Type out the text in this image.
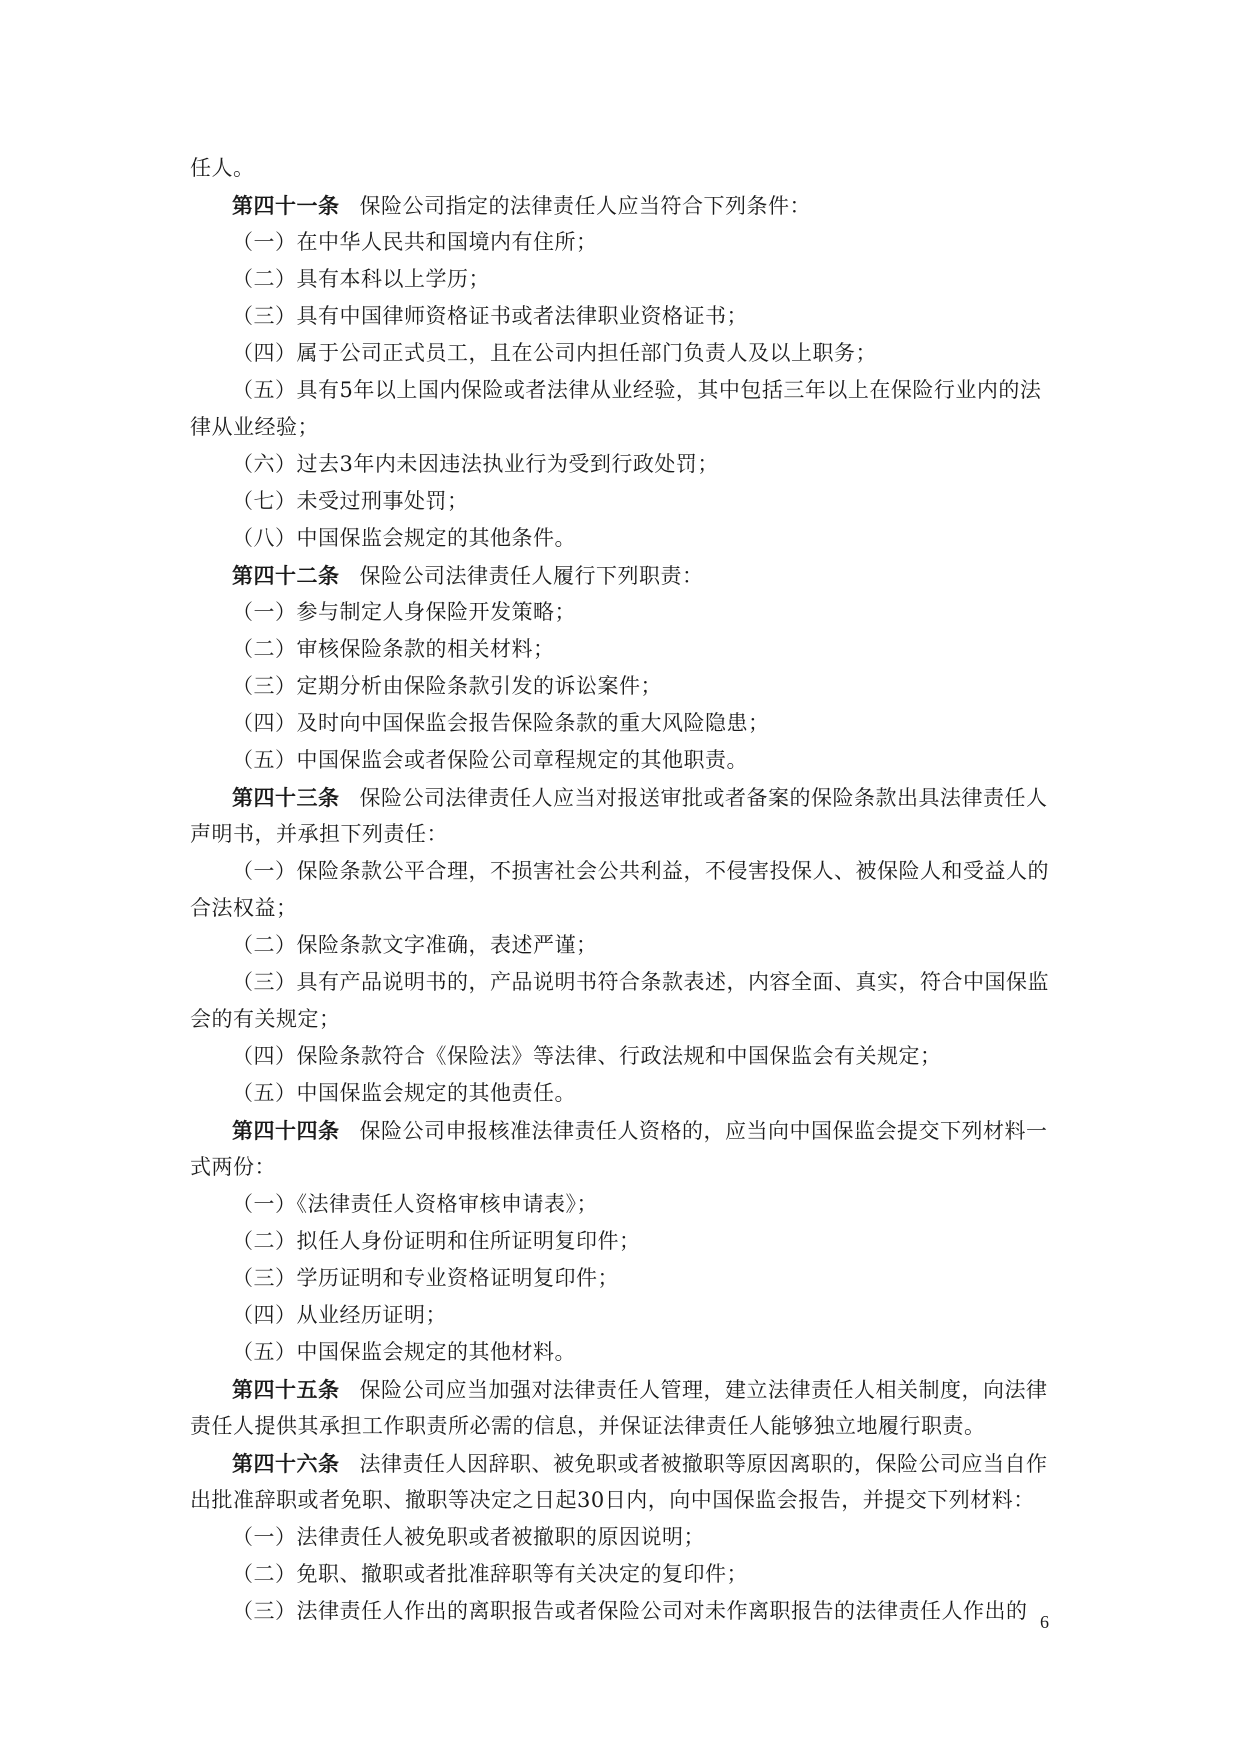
任人。
第四十一条 保险公司指定的法律责任人应当符合下列条件：
（一）在中华人民共和国境内有住所；
（二）具有本科以上学历；
（三）具有中国律师资格证书或者法律职业资格证书；
（四）属于公司正式员工，且在公司内担任部门负责人及以上职务；
（五）具有5年以上国内保险或者法律从业经验，其中包括三年以上在保险行业内的法
律从业经验；
（六）过去3年内未因违法执业行为受到行政处罚；
（七）未受过刑事处罚；
（八）中国保监会规定的其他条件。
第四十二条 保险公司法律责任人履行下列职责：
（一）参与制定人身保险开发策略；
（二）审核保险条款的相关材料；
（三）定期分析由保险条款引发的诉讼案件；
（四）及时向中国保监会报告保险条款的重大风险隐患；
（五）中国保监会或者保险公司章程规定的其他职责。
第四十三条 保险公司法律责任人应当对报送审批或者备案的保险条款出具法律责任人
声明书，并承担下列责任：
（一）保险条款公平合理，不损害社会公共利益，不侵害投保人、被保险人和受益人的
合法权益；
（二）保险条款文字准确，表述严谨；
（三）具有产品说明书的，产品说明书符合条款表述，内容全面、真实，符合中国保监
会的有关规定；
（四）保险条款符合《保险法》等法律、行政法规和中国保监会有关规定；
（五）中国保监会规定的其他责任。
第四十四条 保险公司申报核准法律责任人资格的，应当向中国保监会提交下列材料一
式两份：
（一）《法律责任人资格审核申请表》；
（二）拟任人身份证明和住所证明复印件；
（三）学历证明和专业资格证明复印件；
（四）从业经历证明；
（五）中国保监会规定的其他材料。
第四十五条 保险公司应当加强对法律责任人管理，建立法律责任人相关制度，向法律
责任人提供其承担工作职责所必需的信息，并保证法律责任人能够独立地履行职责。
第四十六条 法律责任人因辞职、被免职或者被撤职等原因离职的，保险公司应当自作
出批准辞职或者免职、撤职等决定之日起30日内，向中国保监会报告，并提交下列材料：
（一）法律责任人被免职或者被撤职的原因说明；
（二）免职、撤职或者批准辞职等有关决定的复印件；
（三）法律责任人作出的离职报告或者保险公司对未作离职报告的法律责任人作出的 6
